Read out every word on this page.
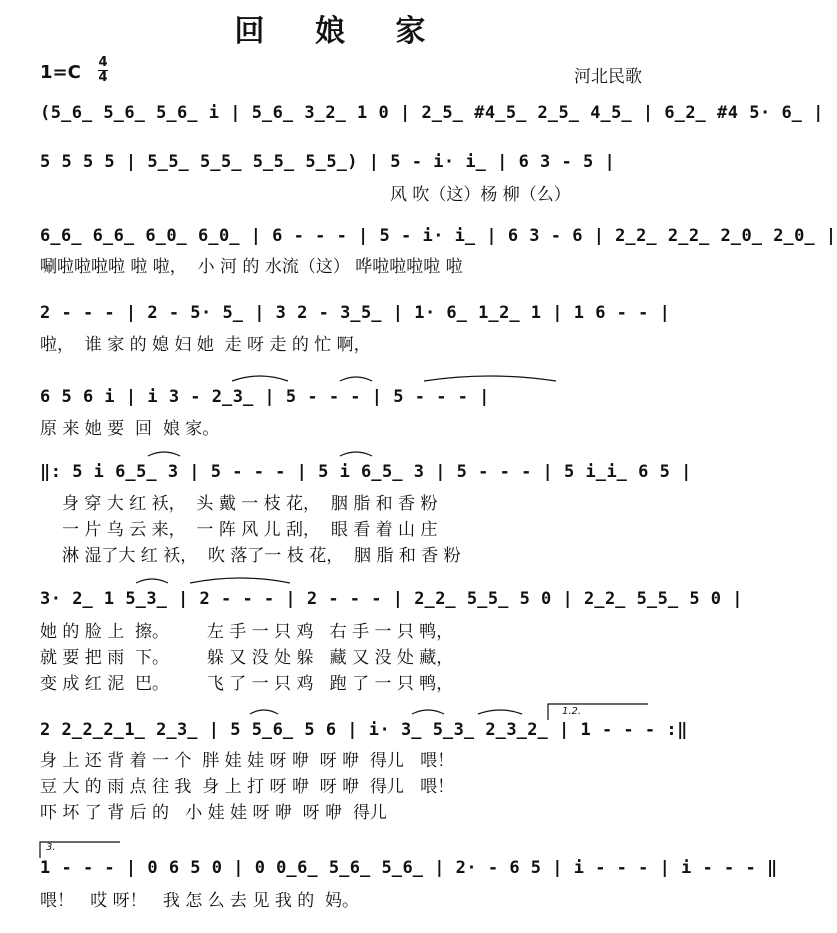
回 娘 家
1=C 4
4	河北民歌
(5̲6̲ 5̲6̲ 5̲6̲ i | 5̲6̲ 3̲2̲ 1 0 | 2̲5̲ #4̲5̲ 2̲5̲ 4̲5̲ | 6̲2̲ #4 5· 6̲ |
5 5 5 5 | 5̲5̲ 5̲5̲ 5̲5̲ 5̲5̲) | 5 - i· i̲ | 6 3 - 5 |
风 吹（这）杨 柳（么）
6̲6̲ 6̲6̲ 6̲0̲ 6̲0̲ | 6 - - - | 5 - i· i̲ | 6 3 - 6 | 2̲2̲ 2̲2̲ 2̲0̲ 2̲0̲ |
唰啦啦啦啦 啦 啦，  小 河 的 水流（这） 哗啦啦啦啦 啦
2 - - - | 2 - 5· 5̲ | 3 2 - 3̲5̲ | 1· 6̲ 1̲2̲ 1 | 1 6 - - |
啦，  谁 家 的 媳 妇 她  走 呀 走 的 忙 啊，
6 5 6 i | i 3 - 2̲3̲ | 5 - - - | 5 - - - |
原 来 她 要  回  娘 家。
‖: 5 i 6̲5̲ 3 | 5 - - - | 5 i 6̲5̲ 3 | 5 - - - | 5 i̲i̲ 6 5 |
身 穿 大 红 袄，  头 戴 一 枝 花，  胭 脂 和 香 粉
一 片 乌 云 来，  一 阵 风 儿 刮，  眼 看 着 山 庄
淋 湿了大 红 袄，  吹 落了一 枝 花，  胭 脂 和 香 粉
3· 2̲ 1 5̲3̲ | 2 - - - | 2 - - - | 2̲2̲ 5̲5̲ 5 0 | 2̲2̲ 5̲5̲ 5 0 |
她 的 脸 上  擦。       左 手 一 只 鸡   右 手 一 只 鸭，
就 要 把 雨  下。       躲 又 没 处 躲   藏 又 没 处 藏，
变 成 红 泥  巴。       飞 了 一 只 鸡   跑 了 一 只 鸭，
1.2.
2 2̲2̲2̲1̲ 2̲3̲ | 5 5̲6̲ 5 6 | i· 3̲ 5̲3̲ 2̲3̲2̲ | 1 - - - :‖
身 上 还 背 着 一 个  胖 娃 娃 呀 咿  呀 咿  得儿   喂！
豆 大 的 雨 点 往 我  身 上 打 呀 咿  呀 咿  得儿   喂！
吓 坏 了 背 后 的   小 娃 娃 呀 咿  呀 咿  得儿
3.
1 - - - | 0 6 5 0 | 0 0̲6̲ 5̲6̲ 5̲6̲ | 2· - 6 5 | i - - - | i - - - ‖
喂！   哎 呀！   我 怎 么 去 见 我 的  妈。
